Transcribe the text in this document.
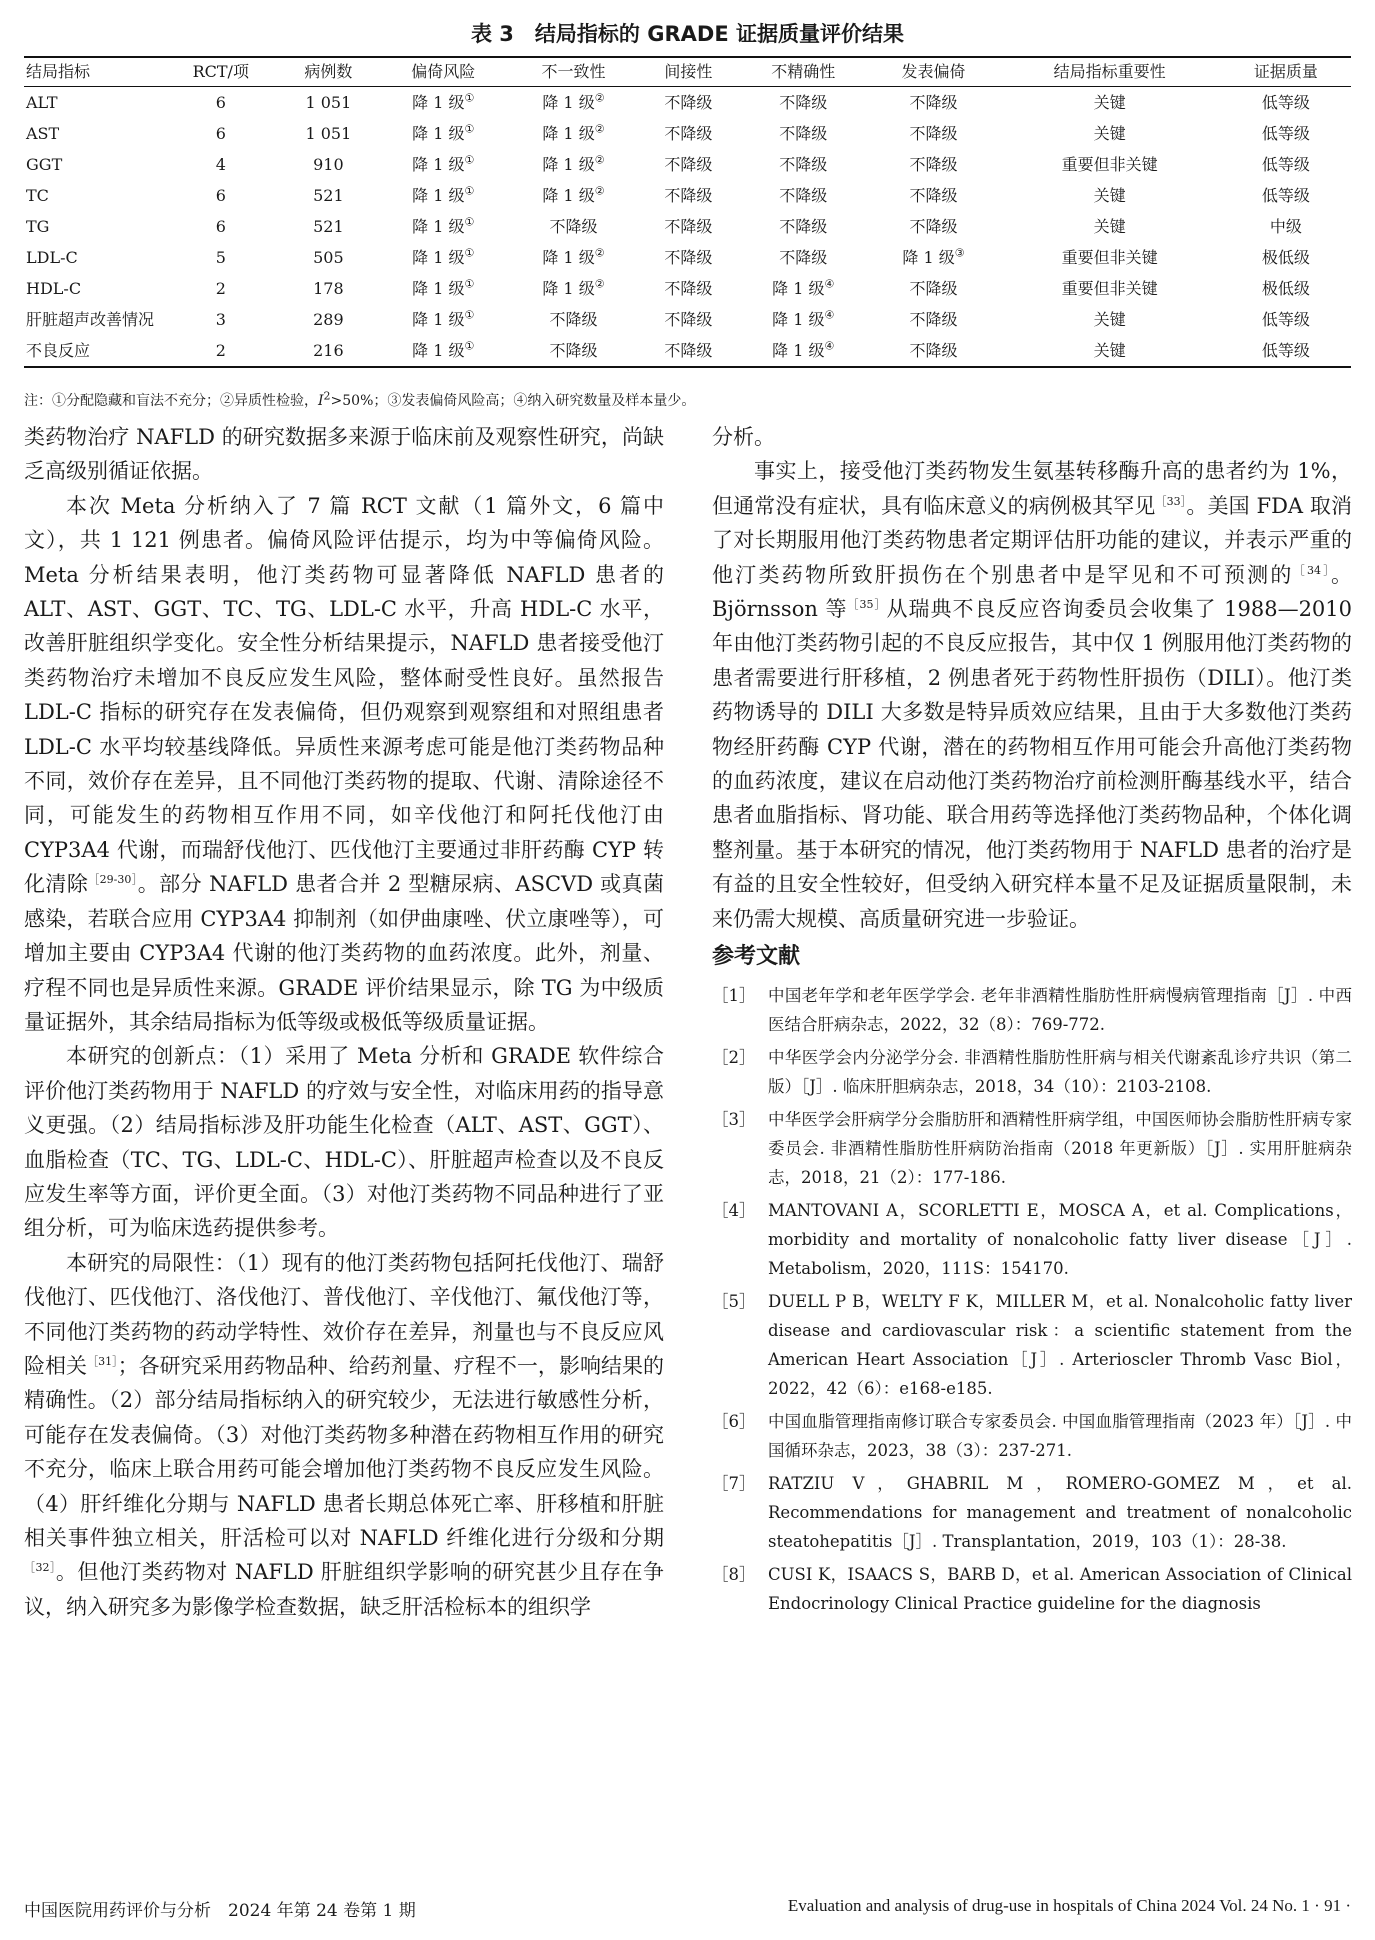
表 3　结局指标的 GRADE 证据质量评价结果
结局指标	RCT/项	病例数	偏倚风险	不一致性	间接性	不精确性	发表偏倚	结局指标重要性	证据质量
ALT	6	1 051	降 1 级①	降 1 级②	不降级	不降级	不降级	关键	低等级
AST	6	1 051	降 1 级①	降 1 级②	不降级	不降级	不降级	关键	低等级
GGT	4	910	降 1 级①	降 1 级②	不降级	不降级	不降级	重要但非关键	低等级
TC	6	521	降 1 级①	降 1 级②	不降级	不降级	不降级	关键	低等级
TG	6	521	降 1 级①	不降级	不降级	不降级	不降级	关键	中级
LDL-C	5	505	降 1 级①	降 1 级②	不降级	不降级	降 1 级③	重要但非关键	极低级
HDL-C	2	178	降 1 级①	降 1 级②	不降级	降 1 级④	不降级	重要但非关键	极低级
肝脏超声改善情况	3	289	降 1 级①	不降级	不降级	降 1 级④	不降级	关键	低等级
不良反应	2	216	降 1 级①	不降级	不降级	降 1 级④	不降级	关键	低等级
注：①分配隐藏和盲法不充分；②异质性检验，$I^2>50\%$；③发表偏倚风险高；④纳入研究数量及样本量少。

类药物治疗 NAFLD 的研究数据多来源于临床前及观察性研究，尚缺乏高级别循证依据。

本次 Meta 分析纳入了 7 篇 RCT 文献（1 篇外文，6 篇中文），共 1 121 例患者。偏倚风险评估提示，均为中等偏倚风险。Meta 分析结果表明，他汀类药物可显著降低 NAFLD 患者的 ALT、AST、GGT、TC、TG、LDL-C 水平，升高 HDL-C 水平，改善肝脏组织学变化。安全性分析结果提示，NAFLD 患者接受他汀类药物治疗未增加不良反应发生风险，整体耐受性良好。虽然报告 LDL-C 指标的研究存在发表偏倚，但仍观察到观察组和对照组患者 LDL-C 水平均较基线降低。异质性来源考虑可能是他汀类药物品种不同，效价存在差异，且不同他汀类药物的提取、代谢、清除途径不同，可能发生的药物相互作用不同，如辛伐他汀和阿托伐他汀由 CYP3A4 代谢，而瑞舒伐他汀、匹伐他汀主要通过非肝药酶 CYP 转化清除$^{[29-30]}$。部分 NAFLD 患者合并 2 型糖尿病、ASCVD 或真菌感染，若联合应用 CYP3A4 抑制剂（如伊曲康唑、伏立康唑等），可增加主要由 CYP3A4 代谢的他汀类药物的血药浓度。此外，剂量、疗程不同也是异质性来源。GRADE 评价结果显示，除 TG 为中级质量证据外，其余结局指标为低等级或极低等级质量证据。

本研究的创新点：（1）采用了 Meta 分析和 GRADE 软件综合评价他汀类药物用于 NAFLD 的疗效与安全性，对临床用药的指导意义更强。（2）结局指标涉及肝功能生化检查（ALT、AST、GGT）、血脂检查（TC、TG、LDL-C、HDL-C）、肝脏超声检查以及不良反应发生率等方面，评价更全面。（3）对他汀类药物不同品种进行了亚组分析，可为临床选药提供参考。

本研究的局限性：（1）现有的他汀类药物包括阿托伐他汀、瑞舒伐他汀、匹伐他汀、洛伐他汀、普伐他汀、辛伐他汀、氟伐他汀等，不同他汀类药物的药动学特性、效价存在差异，剂量也与不良反应风险相关$^{[31]}$；各研究采用药物品种、给药剂量、疗程不一，影响结果的精确性。（2）部分结局指标纳入的研究较少，无法进行敏感性分析，可能存在发表偏倚。（3）对他汀类药物多种潜在药物相互作用的研究不充分，临床上联合用药可能会增加他汀类药物不良反应发生风险。（4）肝纤维化分期与 NAFLD 患者长期总体死亡率、肝移植和肝脏相关事件独立相关，肝活检可以对 NAFLD 纤维化进行分级和分期$^{[32]}$。但他汀类药物对 NAFLD 肝脏组织学影响的研究甚少且存在争议，纳入研究多为影像学检查数据，缺乏肝活检标本的组织学

分析。

事实上，接受他汀类药物发生氨基转移酶升高的患者约为 1%，但通常没有症状，具有临床意义的病例极其罕见$^{[33]}$。美国 FDA 取消了对长期服用他汀类药物患者定期评估肝功能的建议，并表示严重的他汀类药物所致肝损伤在个别患者中是罕见和不可预测的$^{[34]}$。Björnsson 等$^{[35]}$从瑞典不良反应咨询委员会收集了 1988—2010 年由他汀类药物引起的不良反应报告，其中仅 1 例服用他汀类药物的患者需要进行肝移植，2 例患者死于药物性肝损伤（DILI）。他汀类药物诱导的 DILI 大多数是特异质效应结果，且由于大多数他汀类药物经肝药酶 CYP 代谢，潜在的药物相互作用可能会升高他汀类药物的血药浓度，建议在启动他汀类药物治疗前检测肝酶基线水平，结合患者血脂指标、肾功能、联合用药等选择他汀类药物品种，个体化调整剂量。基于本研究的情况，他汀类药物用于 NAFLD 患者的治疗是有益的且安全性较好，但受纳入研究样本量不足及证据质量限制，未来仍需大规模、高质量研究进一步验证。

参考文献
［1］ 中国老年学和老年医学学会. 老年非酒精性脂肪性肝病慢病管理指南［J］. 中西医结合肝病杂志，2022，32（8）：769-772.
［2］ 中华医学会内分泌学分会. 非酒精性脂肪性肝病与相关代谢紊乱诊疗共识（第二版）［J］. 临床肝胆病杂志，2018，34（10）：2103-2108.
［3］ 中华医学会肝病学分会脂肪肝和酒精性肝病学组，中国医师协会脂肪性肝病专家委员会. 非酒精性脂肪性肝病防治指南（2018 年更新版）［J］. 实用肝脏病杂志，2018，21（2）：177-186.
［4］ MANTOVANI A，SCORLETTI E，MOSCA A，et al. Complications，morbidity and mortality of nonalcoholic fatty liver disease［J］. Metabolism，2020，111S：154170.
［5］ DUELL P B，WELTY F K，MILLER M，et al. Nonalcoholic fatty liver disease and cardiovascular risk：a scientific statement from the American Heart Association［J］. Arterioscler Thromb Vasc Biol，2022，42（6）：e168-e185.
［6］ 中国血脂管理指南修订联合专家委员会. 中国血脂管理指南（2023 年）［J］. 中国循环杂志，2023，38（3）：237-271.
［7］ RATZIU V，GHABRIL M，ROMERO-GOMEZ M，et al. Recommendations for management and treatment of nonalcoholic steatohepatitis［J］. Transplantation，2019，103（1）：28-38.
［8］ CUSI K，ISAACS S，BARB D，et al. American Association of Clinical Endocrinology Clinical Practice guideline for the diagnosis
中国医院用药评价与分析　2024 年第 24 卷第 1 期	Evaluation and analysis of drug-use in hospitals of China 2024 Vol. 24 No. 1 · 91 ·
